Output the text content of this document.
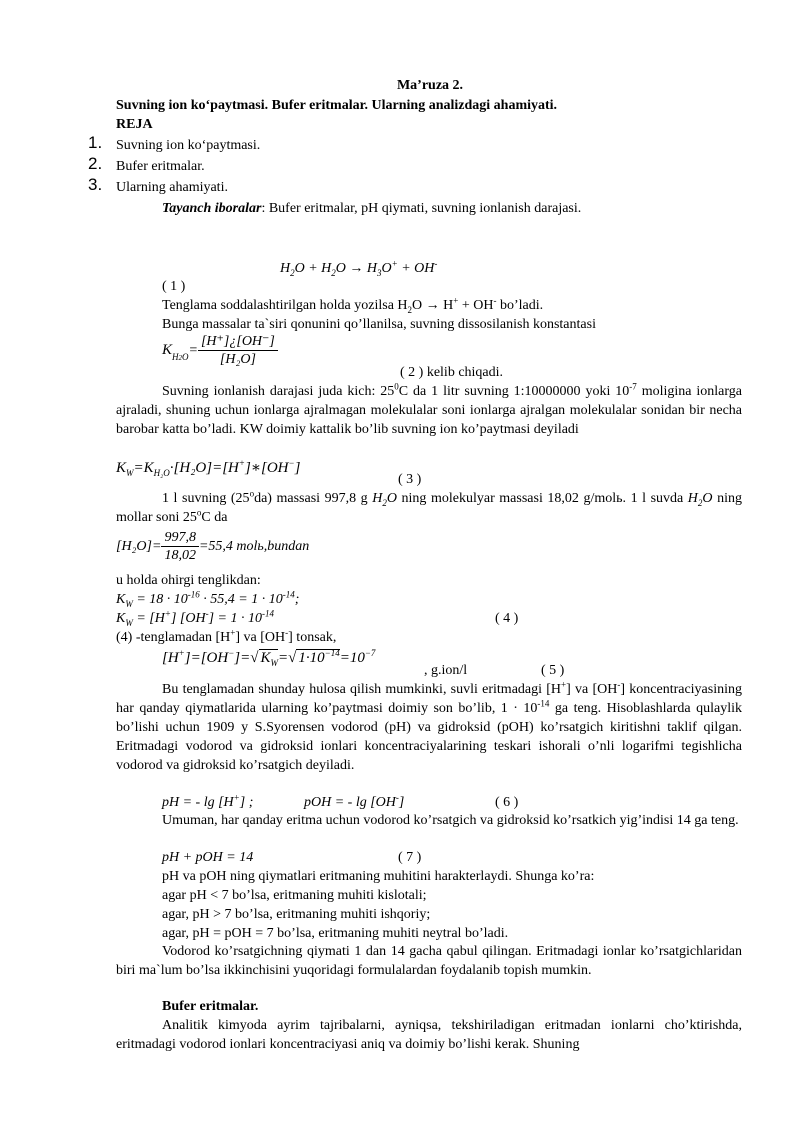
Ma’ruza 2.
Suvning ion ko‘paytmasi. Bufer eritmalar. Ularning analizdagi ahamiyati.
REJA
1. Suvning ion ko‘paytmasi.
2. Bufer eritmalar.
3. Ularning ahamiyati.
Tayanch iboralar: Bufer eritmalar, pH qiymati, suvning ionlanish darajasi.
$H_2O + H_2O \to H_3O^+ + OH^-$
( 1 )
Tenglama soddalashtirilgan holda yozilsa $H_2O \to H^+ + OH^-$ bo’ladi.
Bunga massalar ta`siri qonunini qo’llanilsa, suvning dissosilanish konstantasi
$K_{H2O}= \frac{[H^+]¿[OH^-]}{\text{[H₂O]}}$
( 2 ) kelib chiqadi.
Suvning ionlanish darajasi juda kich: $25^0C$ da 1 litr suvning 1:10000000 yoki $10^{-7}$ moligina ionlarga ajraladi, shuning uchun ionlarga ajralmagan molekulalar soni ionlarga ajralgan molekulalar sonidan bir necha barobar katta bo’ladi. KW doimiy kattalik bo’lib suvning ion ko’paytmasi deyiladi
$K_W=K_{H_2O}\cdot[H_2O]=[H^+]∗[OH^-]$
( 3 )
1 l suvning (25$^o$da) massasi 997,8 g $H_2O$ ning molekulyar massasi 18,02 g/molь. 1 l suvda $H_2O$ ning mollar soni 25$^o$C da
$[H_2O]= \frac{997,8}{18,02} =55,4$ molь,bundan
u holda ohirgi tenglikdan:
$K_W = 18 \cdot 10^{-16} \cdot 55,4 = 1 \cdot 10^{-14}$;
$K_W = [H^+] [OH^-] = 1 \cdot 10^{-14}$	( 4 )
(4) -tenglamadan [H+] va [OH-] tonsak,
[H+]=[OH−]=√ $K_W=√$ $1\cdot 10^{-14}=10^{-7}$
, g.ion/l	( 5 )
Bu tenglamadan shunday hulosa qilish mumkinki, suvli eritmadagi [H+] va [OH-] koncentraciyasining har qanday qiymatlarida ularning ko’paytmasi doimiy son bo’lib, $1 \cdot 10^{-14}$ ga teng. Hisoblashlarda qulaylik bo’lishi uchun 1909 y S.Syorensen vodorod (pH) va gidroksid (pOH) ko’rsatgich kiritishni taklif qilgan. Eritmadagi vodorod va gidroksid ionlari koncentraciyalarining teskari ishorali o’nli logarifmi tegishlicha vodorod va gidroksid ko’rsatgich deyiladi.
pH = - lg [H+] ;	pOH = - lg [OH-]	( 6 )
Umuman, har qanday eritma uchun vodorod ko’rsatgich va gidroksid ko’rsatkich yig’indisi 14 ga teng.
pH + pOH = 14	( 7 )
pH va pOH ning qiymatlari eritmaning muhitini harakterlaydi. Shunga ko’ra:
agar pH < 7 bo’lsa, eritmaning muhiti kislotali;
agar, pH > 7 bo’lsa, eritmaning muhiti ishqoriy;
agar, pH = pOH = 7 bo’lsa, eritmaning muhiti neytral bo’ladi.
Vodorod ko’rsatgichning qiymati 1 dan 14 gacha qabul qilingan. Eritmadagi ionlar ko’rsatgichlaridan biri ma`lum bo’lsa ikkinchisini yuqoridagi formulalardan foydalanib topish mumkin.
Bufer eritmalar.
Analitik kimyoda ayrim tajribalarni, ayniqsa, tekshiriladigan eritmadan ionlarni cho’ktirishda, eritmadagi vodorod ionlari koncentraciyasi aniq va doimiy bo’lishi kerak. Shuning
